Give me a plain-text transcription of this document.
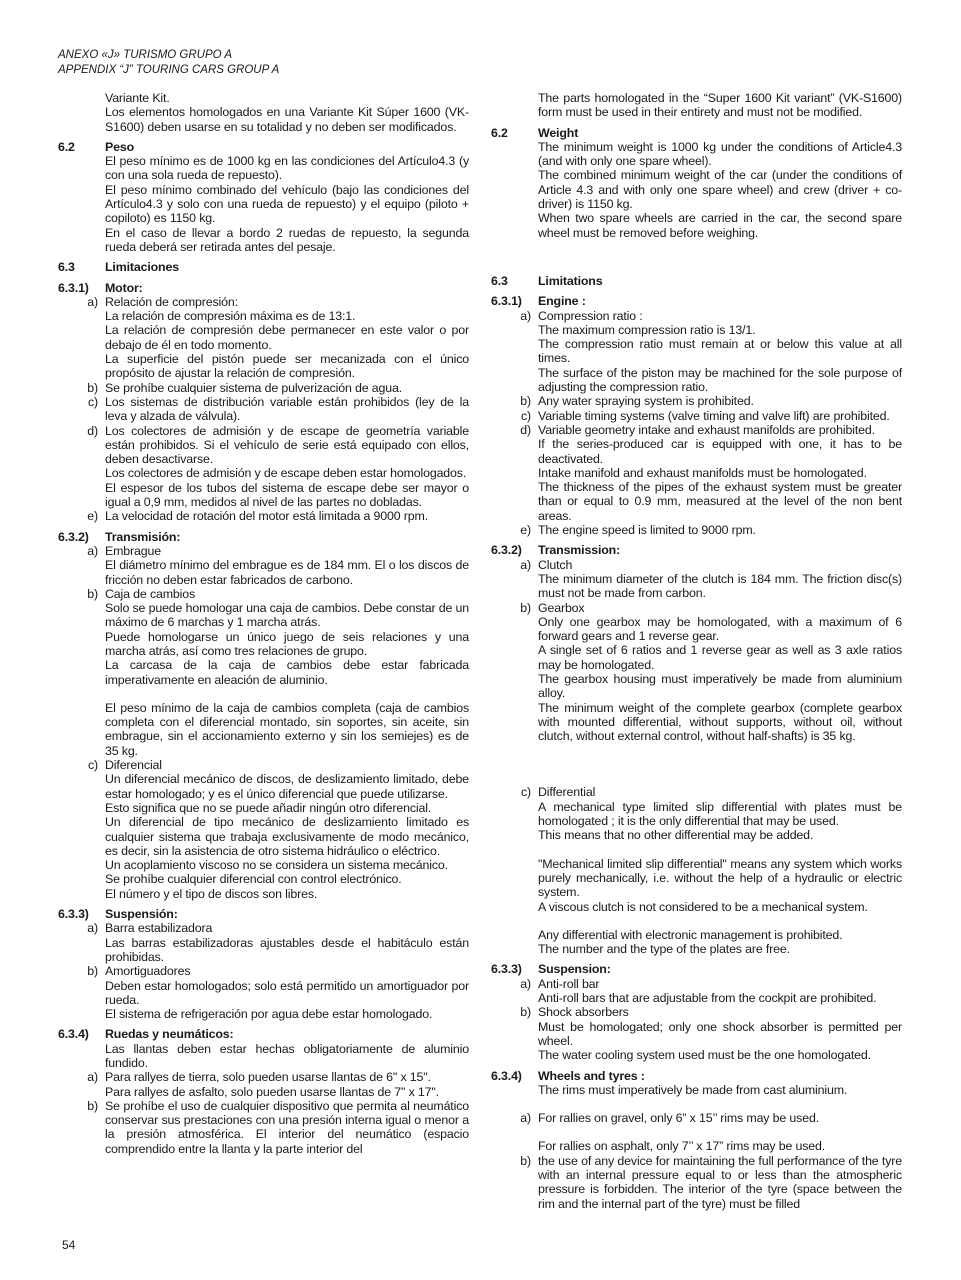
ANEXO «J» TURISMO GRUPO A
APPENDIX “J” TOURING CARS GROUP A
Variante Kit.
Los elementos homologados en una Variante Kit Súper 1600 (VK-S1600) deben usarse en su totalidad y no deben ser modificados.
6.2	Peso
El peso mínimo es de 1000 kg en las condiciones del Artículo4.3 (y con una sola rueda de repuesto).
El peso mínimo combinado del vehículo (bajo las condiciones del Artículo4.3 y solo con una rueda de repuesto) y el equipo (piloto + copiloto) es 1150 kg.
En el caso de llevar a bordo 2 ruedas de repuesto, la segunda rueda deberá ser retirada antes del pesaje.
6.3	Limitaciones
6.3.1)	Motor:
a) Relación de compresión:
La relación de compresión máxima es de 13:1.
La relación de compresión debe permanecer en este valor o por debajo de él en todo momento.
La superficie del pistón puede ser mecanizada con el único propósito de ajustar la relación de compresión.
b) Se prohíbe cualquier sistema de pulverización de agua.
c) Los sistemas de distribución variable están prohibidos (ley de la leva y alzada de válvula).
d) Los colectores de admisión y de escape de geometría variable están prohibidos. Si el vehículo de serie está equipado con ellos, deben desactivarse.
Los colectores de admisión y de escape deben estar homologados.
El espesor de los tubos del sistema de escape debe ser mayor o igual a 0,9 mm, medidos al nivel de las partes no dobladas.
e) La velocidad de rotación del motor está limitada a 9000 rpm.
6.3.2)	Transmisión:
a) Embrague
El diámetro mínimo del embrague es de 184 mm. El o los discos de fricción no deben estar fabricados de carbono.
b) Caja de cambios
Solo se puede homologar una caja de cambios. Debe constar de un máximo de 6 marchas y 1 marcha atrás.
Puede homologarse un único juego de seis relaciones y una marcha atrás, así como tres relaciones de grupo.
La carcasa de la caja de cambios debe estar fabricada imperativamente en aleación de aluminio.
El peso mínimo de la caja de cambios completa (caja de cambios completa con el diferencial montado, sin soportes, sin aceite, sin embrague, sin el accionamiento externo y sin los semiejes) es de 35 kg.
c) Diferencial
Un diferencial mecánico de discos, de deslizamiento limitado, debe estar homologado; y es el único diferencial que puede utilizarse.
Esto significa que no se puede añadir ningún otro diferencial.
Un diferencial de tipo mecánico de deslizamiento limitado es cualquier sistema que trabaja exclusivamente de modo mecánico, es decir, sin la asistencia de otro sistema hidráulico o eléctrico.
Un acoplamiento viscoso no se considera un sistema mecánico.
Se prohíbe cualquier diferencial con control electrónico.
El número y el tipo de discos son libres.
6.3.3)	Suspensión:
a) Barra estabilizadora
Las barras estabilizadoras ajustables desde el habitáculo están prohibidas.
b) Amortiguadores
Deben estar homologados; solo está permitido un amortiguador por rueda.
El sistema de refrigeración por agua debe estar homologado.
6.3.4)	Ruedas y neumáticos:
Las llantas deben estar hechas obligatoriamente de aluminio fundido.
a) Para rallyes de tierra, solo pueden usarse llantas de 6" x 15".
Para rallyes de asfalto, solo pueden usarse llantas de 7" x 17".
b) Se prohíbe el uso de cualquier dispositivo que permita al neumático conservar sus prestaciones con una presión interna igual o menor a la presión atmosférica. El interior del neumático (espacio comprendido entre la llanta y la parte interior del
The parts homologated in the “Super 1600 Kit variant” (VK-S1600) form must be used in their entirety and must not be modified.
6.2	Weight
The minimum weight is 1000 kg under the conditions of Article4.3 (and with only one spare wheel).
The combined minimum weight of the car (under the conditions of Article 4.3 and with only one spare wheel) and crew (driver + co-driver) is 1150 kg.
When two spare wheels are carried in the car, the second spare wheel must be removed before weighing.
6.3	Limitations
6.3.1)	Engine :
a) Compression ratio :
The maximum compression ratio is 13/1.
The compression ratio must remain at or below this value at all times.
The surface of the piston may be machined for the sole purpose of adjusting the compression ratio.
b) Any water spraying system is prohibited.
c) Variable timing systems (valve timing and valve lift) are prohibited.
d) Variable geometry intake and exhaust manifolds are prohibited.
If the series-produced car is equipped with one, it has to be deactivated.
Intake manifold and exhaust manifolds must be homologated.
The thickness of the pipes of the exhaust system must be greater than or equal to 0.9 mm, measured at the level of the non bent areas.
e) The engine speed is limited to 9000 rpm.
6.3.2)	Transmission:
a) Clutch
The minimum diameter of the clutch is 184 mm. The friction disc(s) must not be made from carbon.
b) Gearbox
Only one gearbox may be homologated, with a maximum of 6 forward gears and 1 reverse gear.
A single set of 6 ratios and 1 reverse gear as well as 3 axle ratios may be homologated.
The gearbox housing must imperatively be made from aluminium alloy.
The minimum weight of the complete gearbox (complete gearbox with mounted differential, without supports, without oil, without clutch, without external control, without half-shafts) is 35 kg.
c) Differential
A mechanical type limited slip differential with plates must be homologated ; it is the only differential that may be used.
This means that no other differential may be added.
"Mechanical limited slip differential" means any system which works purely mechanically, i.e. without the help of a hydraulic or electric system.
A viscous clutch is not considered to be a mechanical system.
Any differential with electronic management is prohibited.
The number and the type of the plates are free.
6.3.3)	Suspension:
a) Anti-roll bar
Anti-roll bars that are adjustable from the cockpit are prohibited.
b) Shock absorbers
Must be homologated; only one shock absorber is permitted per wheel.
The water cooling system used must be the one homologated.
6.3.4)	Wheels and tyres :
The rims must imperatively be made from cast aluminium.
a) For rallies on gravel, only 6” x 15’’ rims may be used.
For rallies on asphalt, only 7’’ x 17” rims may be used.
b) the use of any device for maintaining the full performance of the tyre with an internal pressure equal to or less than the atmospheric pressure is forbidden. The interior of the tyre (space between the rim and the internal part of the tyre) must be filled
54
